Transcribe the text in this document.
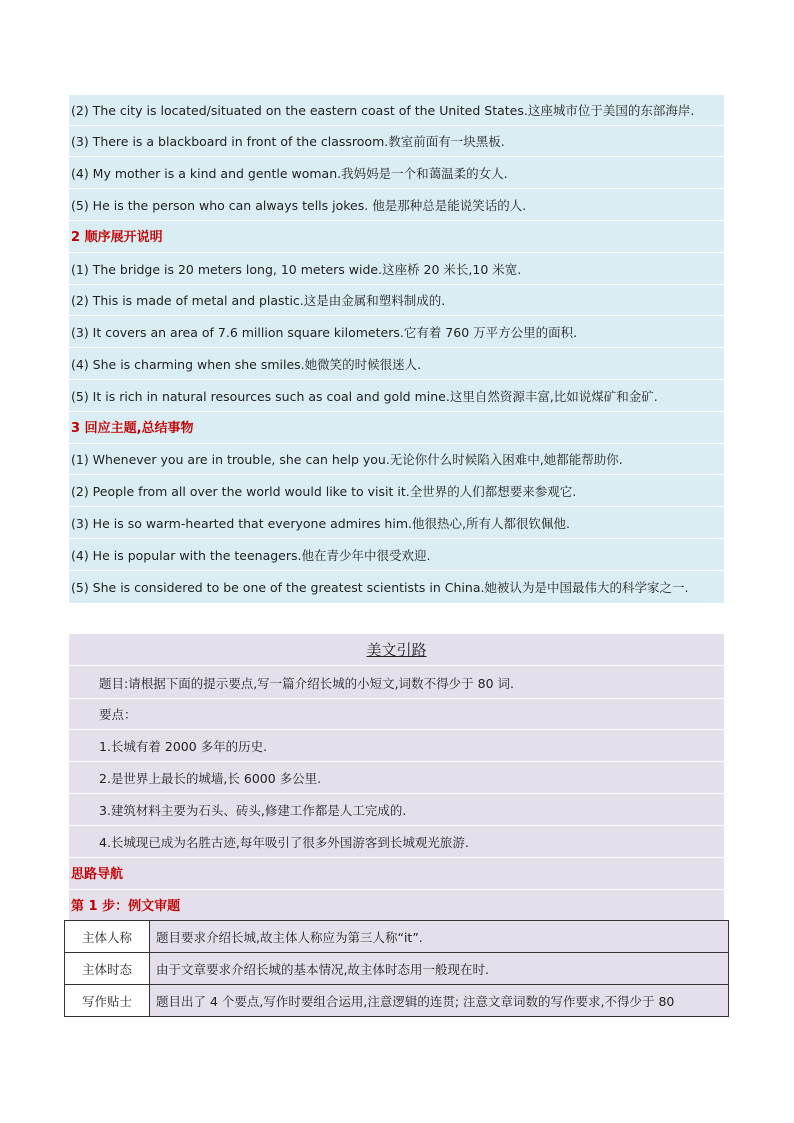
(2) The city is located/situated on the eastern coast of the United States.这座城市位于美国的东部海岸.
(3) There is a blackboard in front of the classroom.教室前面有一块黑板.
(4) My mother is a kind and gentle woman.我妈妈是一个和蔼温柔的女人.
(5) He is the person who can always tells jokes. 他是那种总是能说笑话的人.
2 顺序展开说明
(1) The bridge is 20 meters long, 10 meters wide.这座桥 20 米长,10 米宽.
(2) This is made of metal and plastic.这是由金属和塑料制成的.
(3) It covers an area of 7.6 million square kilometers.它有着 760 万平方公里的面积.
(4) She is charming when she smiles.她微笑的时候很迷人.
(5) It is rich in natural resources such as coal and gold mine.这里自然资源丰富,比如说煤矿和金矿.
3 回应主题,总结事物
(1) Whenever you are in trouble, she can help you.无论你什么时候陷入困难中,她都能帮助你.
(2) People from all over the world would like to visit it.全世界的人们都想要来参观它.
(3) He is so warm-hearted that everyone admires him.他很热心,所有人都很钦佩他.
(4) He is popular with the teenagers.他在青少年中很受欢迎.
(5) She is considered to be one of the greatest scientists in China.她被认为是中国最伟大的科学家之一.
美文引路
题目:请根据下面的提示要点,写一篇介绍长城的小短文,词数不得少于 80 词.
要点：
1.长城有着 2000 多年的历史.
2.是世界上最长的城墙,长 6000 多公里.
3.建筑材料主要为石头、砖头,修建工作都是人工完成的.
4.长城现已成为名胜古迹,每年吸引了很多外国游客到长城观光旅游.
思路导航
第 1 步：例文审题
主体人称	题目要求介绍长城,故主体人称应为第三人称“it”.
主体时态	由于文章要求介绍长城的基本情况,故主体时态用一般现在时.
写作贴士	题目出了 4 个要点,写作时要组合运用,注意逻辑的连贯; 注意文章词数的写作要求,不得少于 80
